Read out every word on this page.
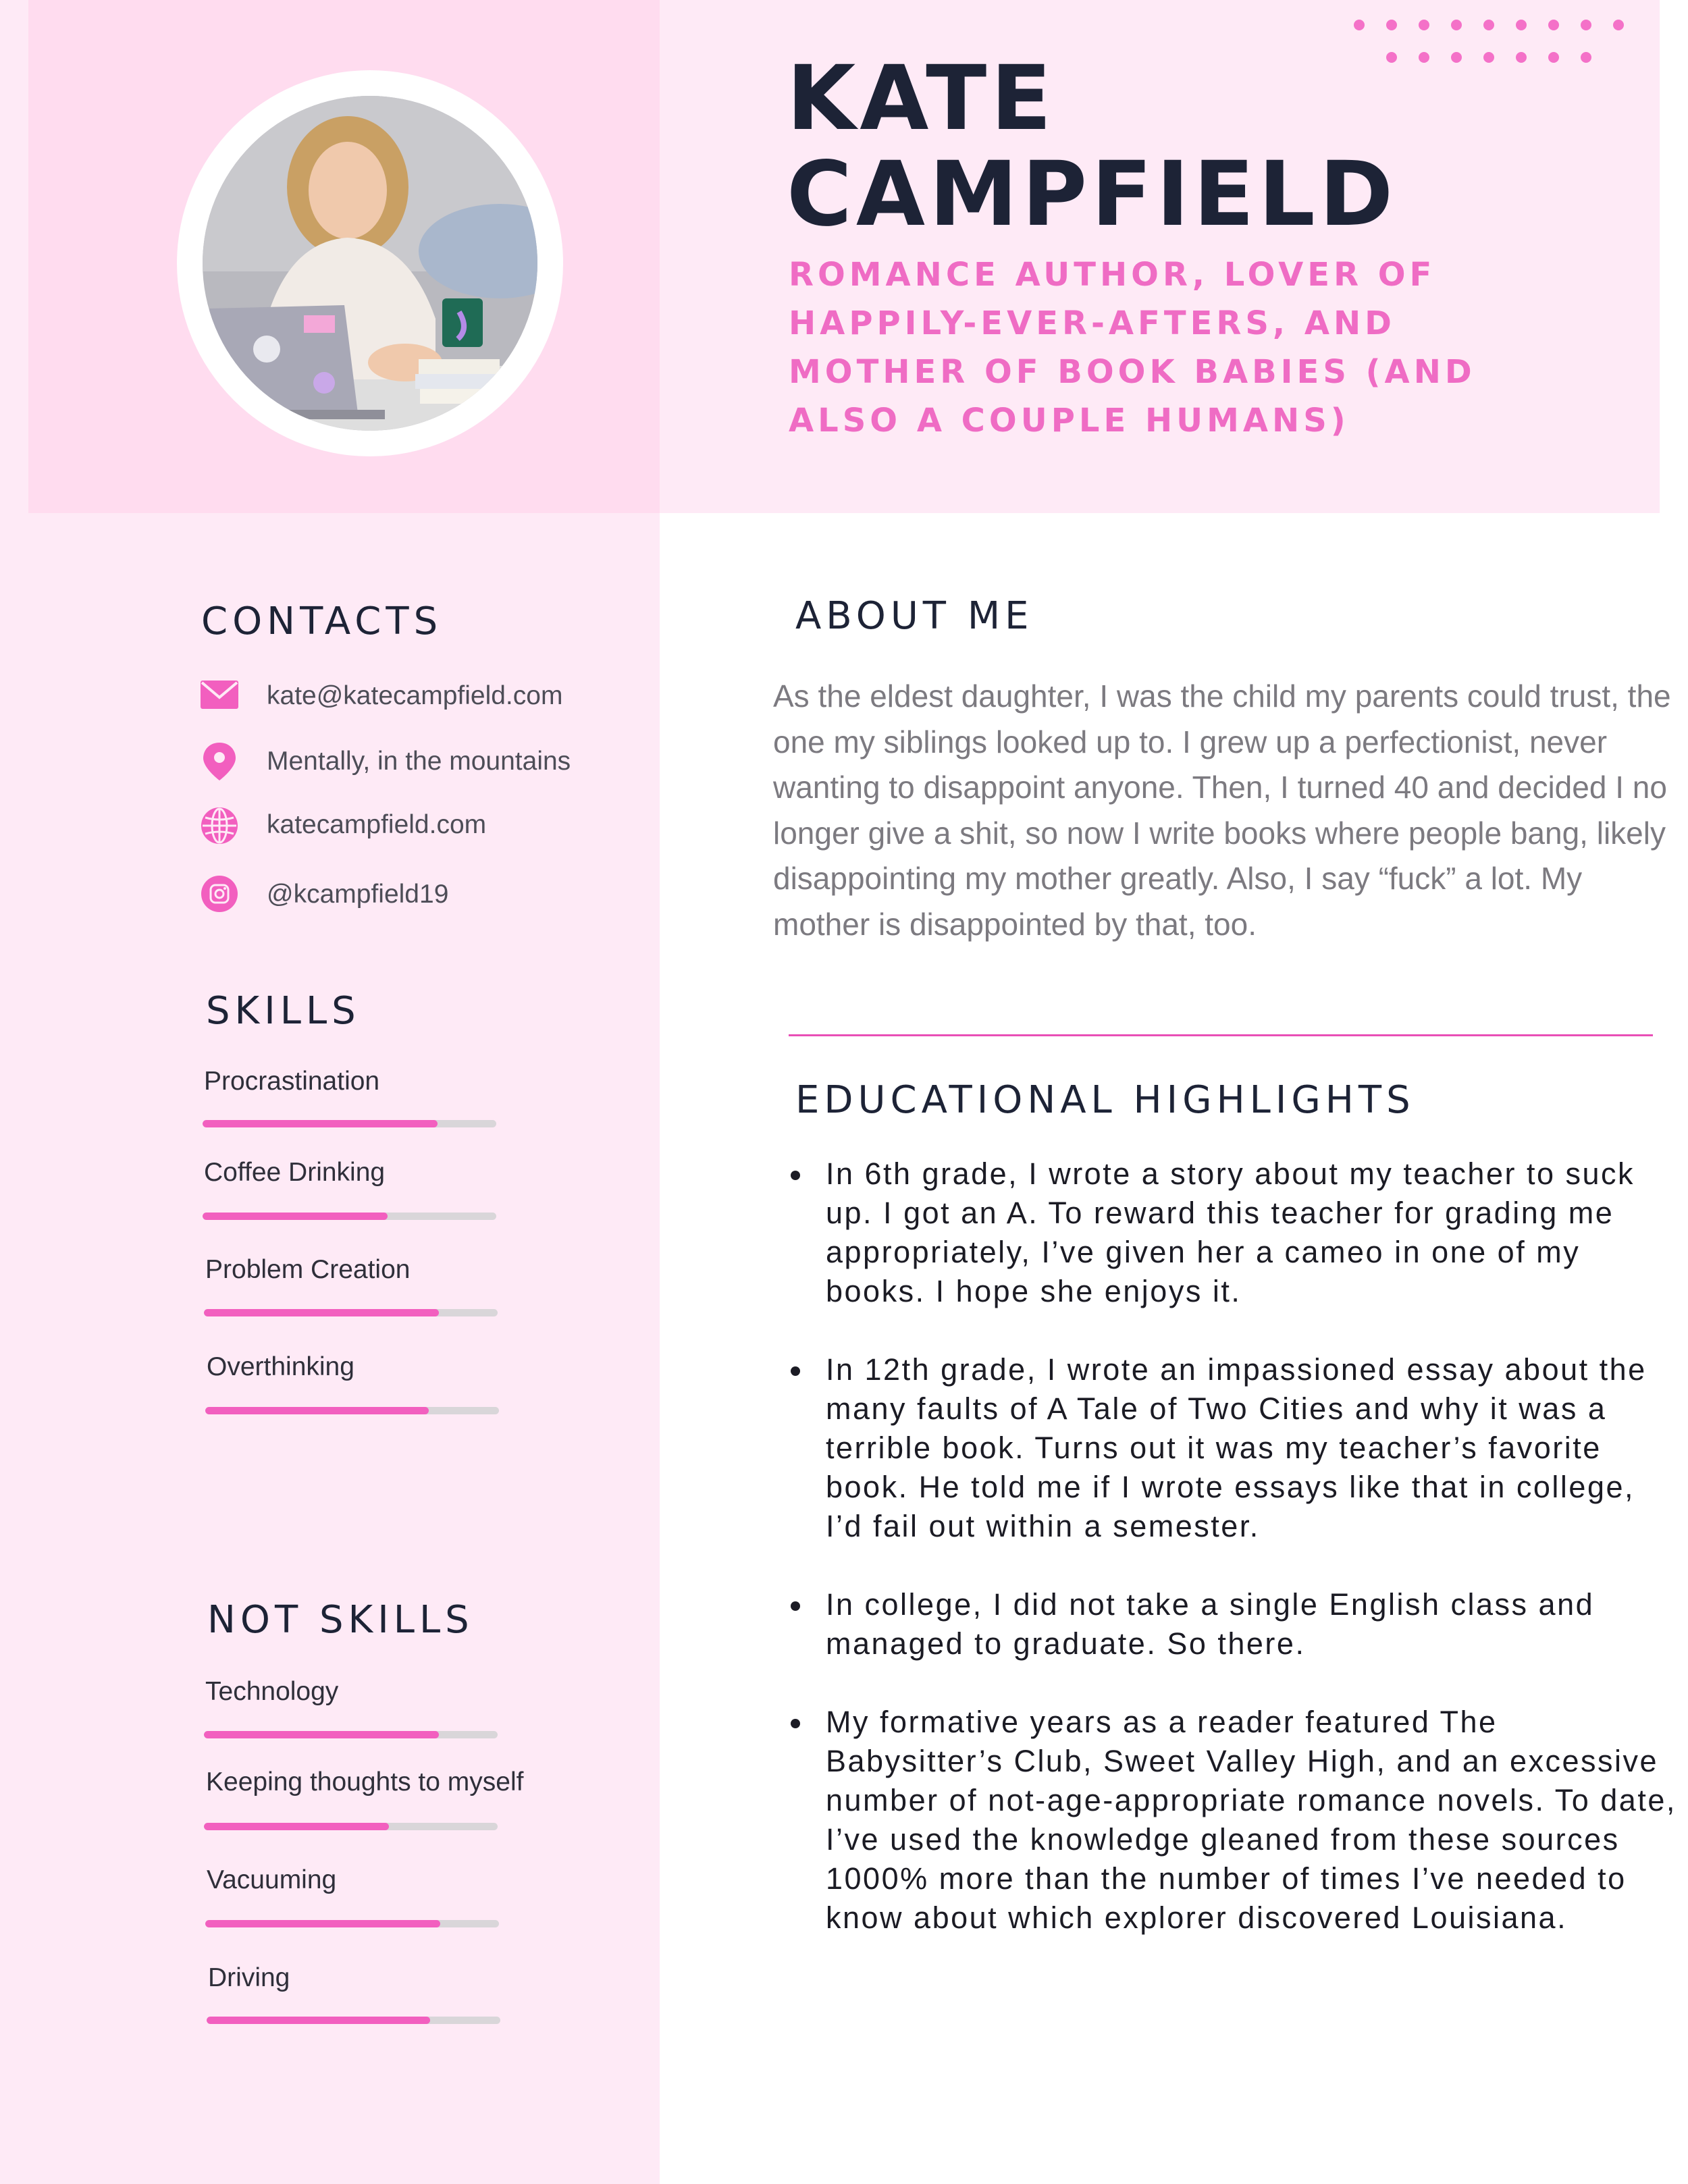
KATE
CAMPFIELD
ROMANCE AUTHOR, LOVER OF
HAPPILY-EVER-AFTERS, AND
MOTHER OF BOOK BABIES (AND
ALSO A COUPLE HUMANS)
CONTACTS
kate@katecampfield.com
Mentally, in the mountains
katecampfield.com
@kcampfield19
SKILLS
Procrastination
Coffee Drinking
Problem Creation
Overthinking
NOT SKILLS
Technology
Keeping thoughts to myself
Vacuuming
Driving
ABOUT ME

As the eldest daughter, I was the child my parents could trust, the one my siblings looked up to. I grew up a perfectionist, never wanting to disappoint anyone. Then, I turned 40 and decided I no longer give a shit, so now I write books where people bang, likely disappointing my mother greatly. Also, I say “fuck” a lot. My mother is disappointed by that, too.

EDUCATIONAL HIGHLIGHTS
In 6th grade, I wrote a story about my teacher to suck up. I got an A. To reward this teacher for grading me appropriately, I’ve given her a cameo in one of my books. I hope she enjoys it.
In 12th grade, I wrote an impassioned essay about the many faults of A Tale of Two Cities and why it was a terrible book. Turns out it was my teacher’s favorite book. He told me if I wrote essays like that in college, I’d fail out within a semester.
In college, I did not take a single English class and managed to graduate. So there.
My formative years as a reader featured The Babysitter’s Club, Sweet Valley High, and an excessive number of not-age-appropriate romance novels. To date, I’ve used the knowledge gleaned from these sources 1000% more than the number of times I’ve needed to know about which explorer discovered Louisiana.
